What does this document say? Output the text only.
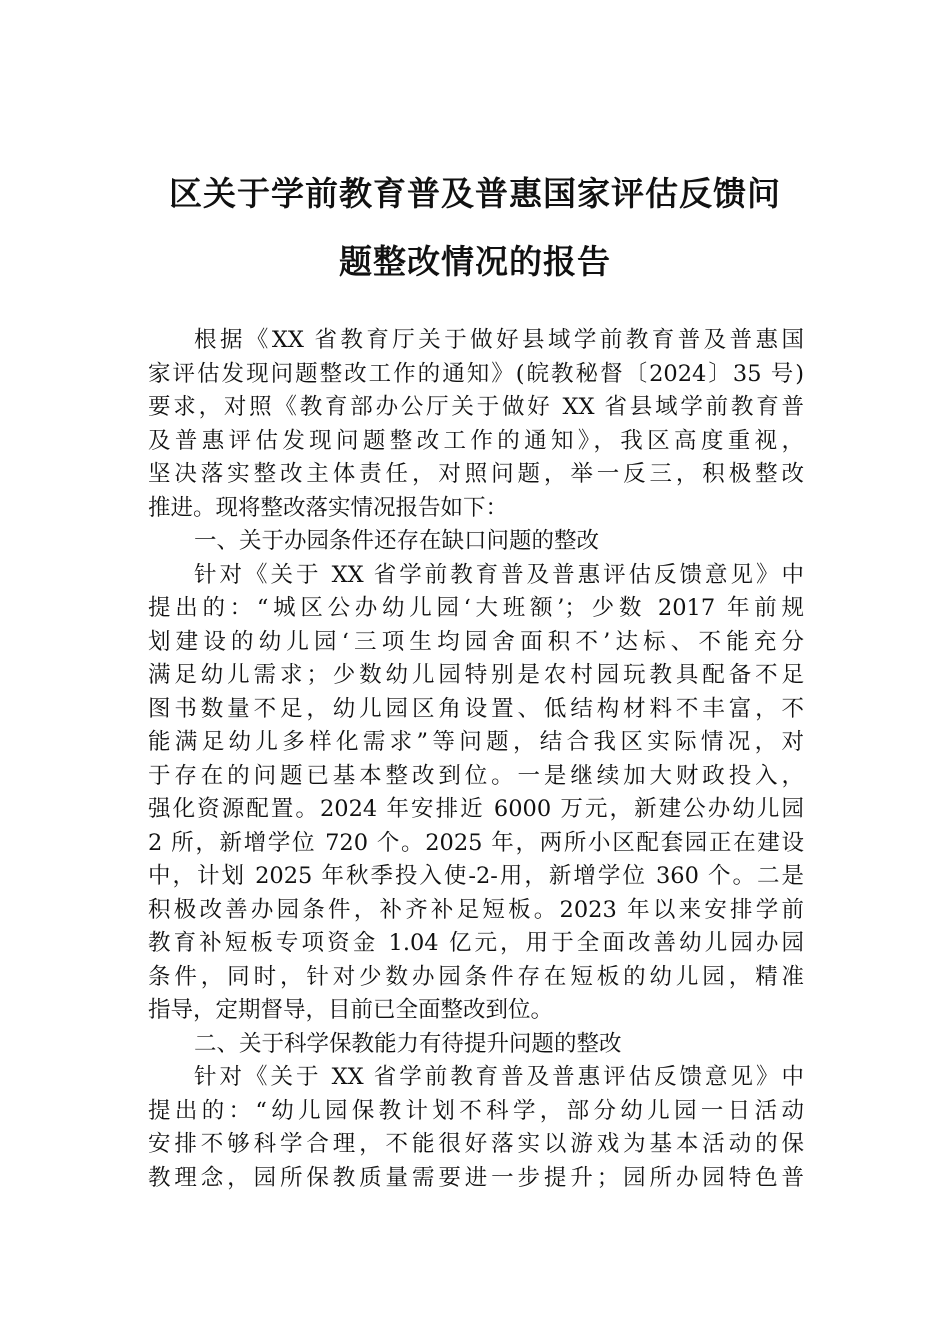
区关于学前教育普及普惠国家评估反馈问
题整改情况的报告
根据《XX 省教育厅关于做好县域学前教育普及普惠国
家评估发现问题整改工作的通知》(皖教秘督〔2024〕35 号)
要求，对照《教育部办公厅关于做好 XX 省县域学前教育普
及普惠评估发现问题整改工作的通知》，我区高度重视，
坚决落实整改主体责任，对照问题，举一反三，积极整改
推进。现将整改落实情况报告如下：
一、关于办园条件还存在缺口问题的整改
针对《关于 XX 省学前教育普及普惠评估反馈意见》中
提出的：“城区公办幼儿园‘大班额’；少数 2017 年前规
划建设的幼儿园‘三项生均园舍面积不’达标、不能充分
满足幼儿需求；少数幼儿园特别是农村园玩教具配备不足
图书数量不足，幼儿园区角设置、低结构材料不丰富，不
能满足幼儿多样化需求”等问题，结合我区实际情况，对
于存在的问题已基本整改到位。一是继续加大财政投入，
强化资源配置。2024 年安排近 6000 万元，新建公办幼儿园
2 所，新增学位 720 个。2025 年，两所小区配套园正在建设
中，计划 2025 年秋季投入使-2-用，新增学位 360 个。二是
积极改善办园条件，补齐补足短板。2023 年以来安排学前
教育补短板专项资金 1.04 亿元，用于全面改善幼儿园办园
条件，同时，针对少数办园条件存在短板的幼儿园，精准
指导，定期督导，目前已全面整改到位。
二、关于科学保教能力有待提升问题的整改
针对《关于 XX 省学前教育普及普惠评估反馈意见》中
提出的：“幼儿园保教计划不科学，部分幼儿园一日活动
安排不够科学合理，不能很好落实以游戏为基本活动的保
教理念，园所保教质量需要进一步提升；园所办园特色普
